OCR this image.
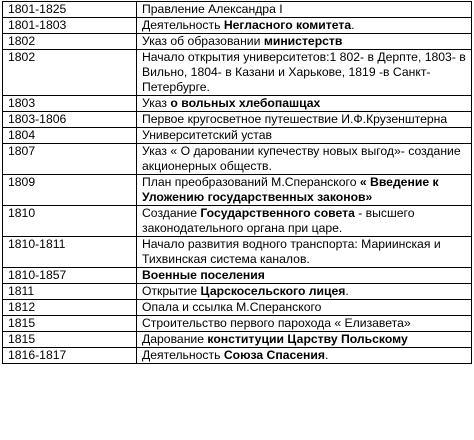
1801-1825	Правление Александра I
1801-1803	Деятельность Негласного комитета.
1802	Указ об образовании министерств
1802	Начало открытия университетов:1 802- в Дерпте, 1803- в Вильно, 1804- в Казани и Харькове, 1819 -в Санкт-Петербурге.
1803	Указ о вольных хлебопашцах
1803-1806	Первое кругосветное путешествие И.Ф.Крузенштерна
1804	Университетский устав
1807	Указ « О даровании купечеству новых выгод»- создание акционерных обществ.
1809	План преобразований М.Сперанского « Введение к Уложению государственных законов»
1810	Создание Государственного совета - высшего законодательного органа при царе.
1810-1811	Начало развития водного транспорта: Мариинская и Тихвинская система каналов.
1810-1857	Военные поселения
1811	Открытие Царскосельского лицея.
1812	Опала и ссылка М.Сперанского
1815	Строительство первого парохода « Елизавета»
1815	Дарование конституции Царству Польскому
1816-1817	Деятельность Союза Спасения.
